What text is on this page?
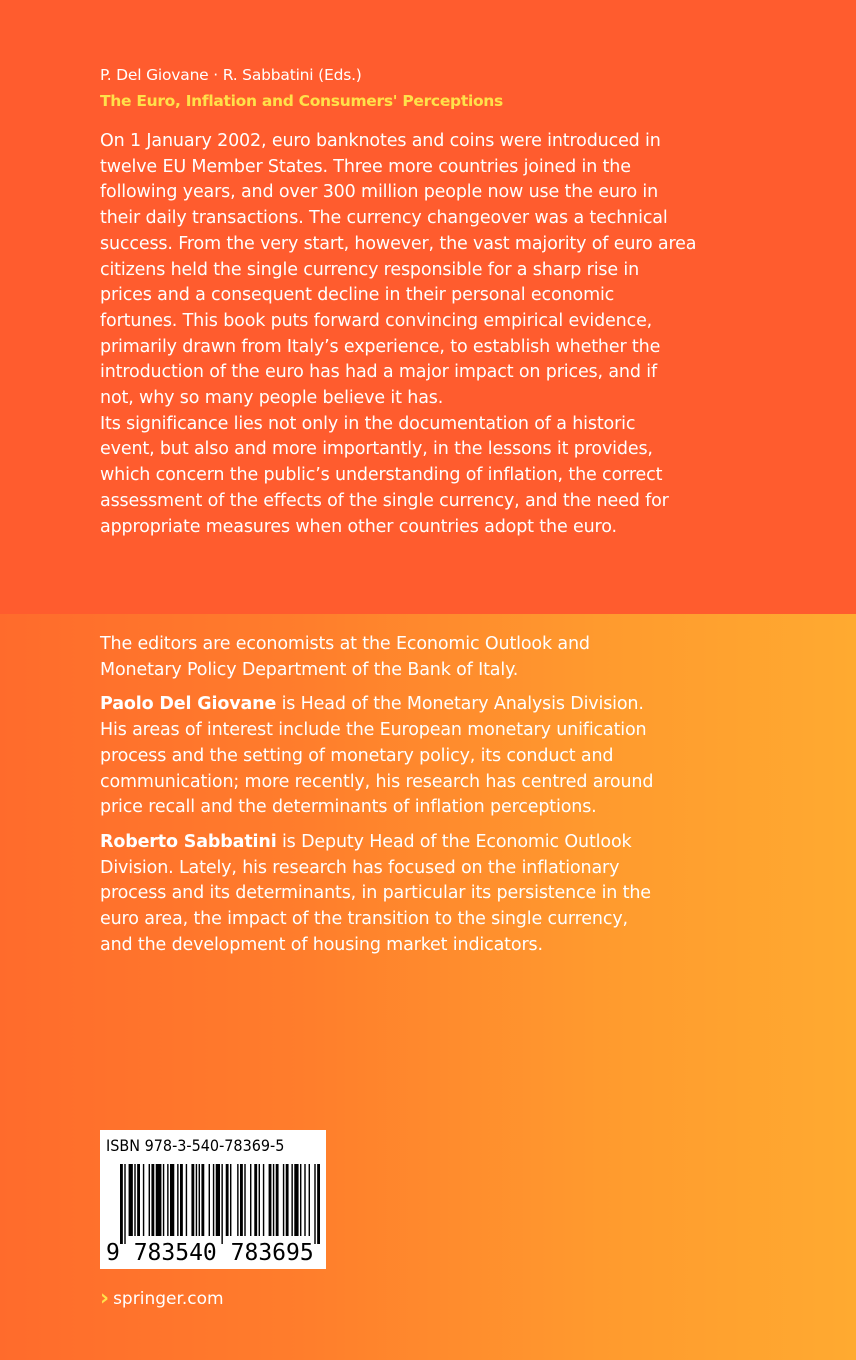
P. Del Giovane · R. Sabbatini (Eds.)
The Euro, Inflation and Consumers' Perceptions
On 1 January 2002, euro banknotes and coins were introduced in
twelve EU Member States. Three more countries joined in the
following years, and over 300 million people now use the euro in
their daily transactions. The currency changeover was a technical
success. From the very start, however, the vast majority of euro area
citizens held the single currency responsible for a sharp rise in
prices and a consequent decline in their personal economic
fortunes. This book puts forward convincing empirical evidence,
primarily drawn from Italy’s experience, to establish whether the
introduction of the euro has had a major impact on prices, and if
not, why so many people believe it has.
Its significance lies not only in the documentation of a historic
event, but also and more importantly, in the lessons it provides,
which concern the public’s understanding of inflation, the correct
assessment of the effects of the single currency, and the need for
appropriate measures when other countries adopt the euro.
The editors are economists at the Economic Outlook and
Monetary Policy Department of the Bank of Italy.
Paolo Del Giovane is Head of the Monetary Analysis Division.
His areas of interest include the European monetary unification
process and the setting of monetary policy, its conduct and
communication; more recently, his research has centred around
price recall and the determinants of inflation perceptions.
Roberto Sabbatini is Deputy Head of the Economic Outlook
Division. Lately, his research has focused on the inflationary
process and its determinants, in particular its persistence in the
euro area, the impact of the transition to the single currency,
and the development of housing market indicators.
ISBN 978-3-540-78369-5
9 783540 783695
› springer.com
